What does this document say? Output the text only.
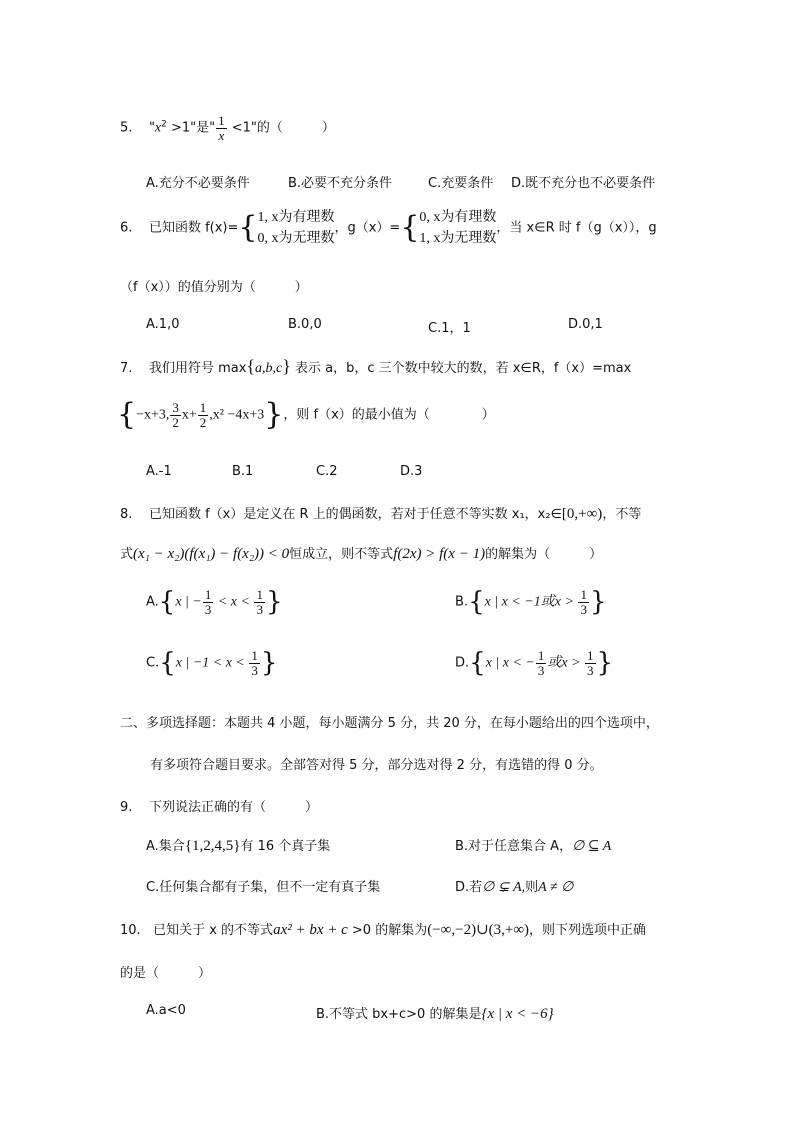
5. "$x^2 >1$"是" $\frac{1}{x} <1$"的（　　　）
A.充分不必要条件	B.必要不充分条件	C.充要条件 D.既不充分也不必要条件
6. 已知函数 f(x)={ 1, x为有理数
0, x为无理数
，g（x）={ 0, x为有理数
1, x为无理数
，当 x∈R 时 f（g（x）），g
（f（x））的值分别为（　　　）
A.1,0	B.0,0	C.1，1	D.0,1
7. 我们用符号 max{a,b,c} 表示 a，b，c 三个数中较大的数，若 x∈R，f（x）=max
{−x+3, $\frac{3}{2} x+ \frac{1}{2} ,x^2 -4x+3$}，则 f（x）的最小值为（　　　　）
A.-1	B.1	C.2	D.3
8. 已知函数 f（x）是定义在 R 上的偶函数，若对于任意不等实数 x₁，x₂∈[0,+∞)，不等
式(x₁ − x₂)(f(x₁) − f(x₂)) < 0恒成立，则不等式f(2x) > f(x − 1)的解集为（　　　）
A.{x | − $\frac{1}{3} < x < \frac{1}{3}$ }	B.{x | x < −1或$x > \frac{1}{3}$ }
C.{x | $-1 < x < \frac{1}{3}$ }	D.{x | x < − $\frac{1}{3}$ 或$x > \frac{1}{3}$ }
二、多项选择题：本题共 4 小题，每小题满分 5 分，共 20 分，在每小题给出的四个选项中，
有多项符合题目要求。全部答对得 5 分，部分选对得 2 分，有选错的得 0 分。
9. 下列说法正确的有（　　　）
A.集合{1,2,4,5}有 16 个真子集	B.对于任意集合 A，∅ ⊆ A
C.任何集合都有子集，但不一定有真子集	D.若∅ ⊊ A,则A ≠ ∅
10. 已知关于 x 的不等式ax² + bx + c >0 的解集为(−∞,−2)∪(3,+∞)，则下列选项中正确
的是（　　　）
A.a<0	B.不等式 bx+c>0 的解集是{x | x < −6}
